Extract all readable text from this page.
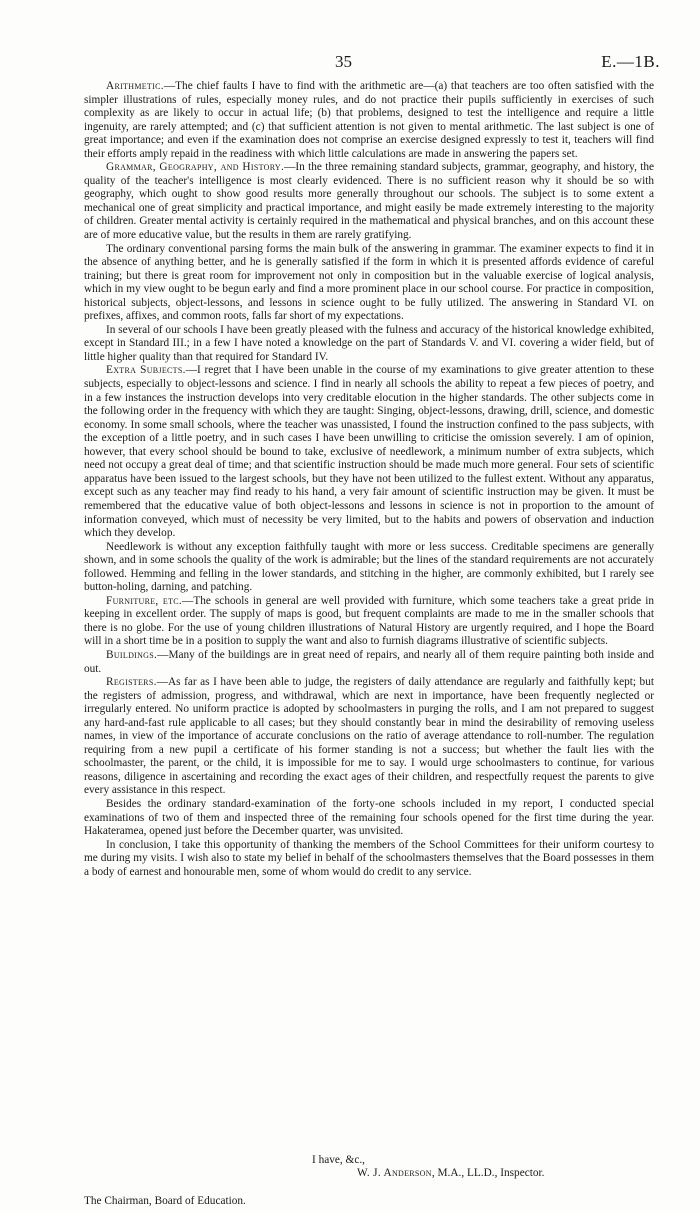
35	E.—1B.

Arithmetic.—The chief faults I have to find with the arithmetic are—(a) that teachers are too often satisfied with the simpler illustrations of rules, especially money rules, and do not practice their pupils sufficiently in exercises of such complexity as are likely to occur in actual life; (b) that problems, designed to test the intelligence and require a little ingenuity, are rarely attempted; and (c) that sufficient attention is not given to mental arithmetic. The last subject is one of great importance; and even if the examination does not comprise an exercise designed expressly to test it, teachers will find their efforts amply repaid in the readiness with which little calculations are made in answering the papers set.

Grammar, Geography, and History.—In the three remaining standard subjects, grammar, geography, and history, the quality of the teacher's intelligence is most clearly evidenced. There is no sufficient reason why it should be so with geography, which ought to show good results more generally throughout our schools. The subject is to some extent a mechanical one of great simplicity and practical importance, and might easily be made extremely interesting to the majority of children. Greater mental activity is certainly required in the mathematical and physical branches, and on this account these are of more educative value, but the results in them are rarely gratifying.

The ordinary conventional parsing forms the main bulk of the answering in grammar. The examiner expects to find it in the absence of anything better, and he is generally satisfied if the form in which it is presented affords evidence of careful training; but there is great room for improvement not only in composition but in the valuable exercise of logical analysis, which in my view ought to be begun early and find a more prominent place in our school course. For practice in composition, historical subjects, object-lessons, and lessons in science ought to be fully utilized. The answering in Standard VI. on prefixes, affixes, and common roots, falls far short of my expectations.

In several of our schools I have been greatly pleased with the fulness and accuracy of the historical knowledge exhibited, except in Standard III.; in a few I have noted a knowledge on the part of Standards V. and VI. covering a wider field, but of little higher quality than that required for Standard IV.

Extra Subjects.—I regret that I have been unable in the course of my examinations to give greater attention to these subjects, especially to object-lessons and science. I find in nearly all schools the ability to repeat a few pieces of poetry, and in a few instances the instruction develops into very creditable elocution in the higher standards. The other subjects come in the following order in the frequency with which they are taught: Singing, object-lessons, drawing, drill, science, and domestic economy. In some small schools, where the teacher was unassisted, I found the instruction confined to the pass subjects, with the exception of a little poetry, and in such cases I have been unwilling to criticise the omission severely. I am of opinion, however, that every school should be bound to take, exclusive of needlework, a minimum number of extra subjects, which need not occupy a great deal of time; and that scientific instruction should be made much more general. Four sets of scientific apparatus have been issued to the largest schools, but they have not been utilized to the fullest extent. Without any apparatus, except such as any teacher may find ready to his hand, a very fair amount of scientific instruction may be given. It must be remembered that the educative value of both object-lessons and lessons in science is not in proportion to the amount of information conveyed, which must of necessity be very limited, but to the habits and powers of observation and induction which they develop.

Needlework is without any exception faithfully taught with more or less success. Creditable specimens are generally shown, and in some schools the quality of the work is admirable; but the lines of the standard requirements are not accurately followed. Hemming and felling in the lower standards, and stitching in the higher, are commonly exhibited, but I rarely see button-holing, darning, and patching.

Furniture, etc.—The schools in general are well provided with furniture, which some teachers take a great pride in keeping in excellent order. The supply of maps is good, but frequent complaints are made to me in the smaller schools that there is no globe. For the use of young children illustrations of Natural History are urgently required, and I hope the Board will in a short time be in a position to supply the want and also to furnish diagrams illustrative of scientific subjects.

Buildings.—Many of the buildings are in great need of repairs, and nearly all of them require painting both inside and out.

Registers.—As far as I have been able to judge, the registers of daily attendance are regularly and faithfully kept; but the registers of admission, progress, and withdrawal, which are next in importance, have been frequently neglected or irregularly entered. No uniform practice is adopted by schoolmasters in purging the rolls, and I am not prepared to suggest any hard-and-fast rule applicable to all cases; but they should constantly bear in mind the desirability of removing useless names, in view of the importance of accurate conclusions on the ratio of average attendance to roll-number. The regulation requiring from a new pupil a certificate of his former standing is not a success; but whether the fault lies with the schoolmaster, the parent, or the child, it is impossible for me to say. I would urge schoolmasters to continue, for various reasons, diligence in ascertaining and recording the exact ages of their children, and respectfully request the parents to give every assistance in this respect.

Besides the ordinary standard-examination of the forty-one schools included in my report, I conducted special examinations of two of them and inspected three of the remaining four schools opened for the first time during the year. Hakateramea, opened just before the December quarter, was unvisited.

In conclusion, I take this opportunity of thanking the members of the School Committees for their uniform courtesy to me during my visits. I wish also to state my belief in behalf of the schoolmasters themselves that the Board possesses in them a body of earnest and honourable men, some of whom would do credit to any service.

I have, &c.,
W. J. Anderson, M.A., LL.D., Inspector.
The Chairman, Board of Education.
